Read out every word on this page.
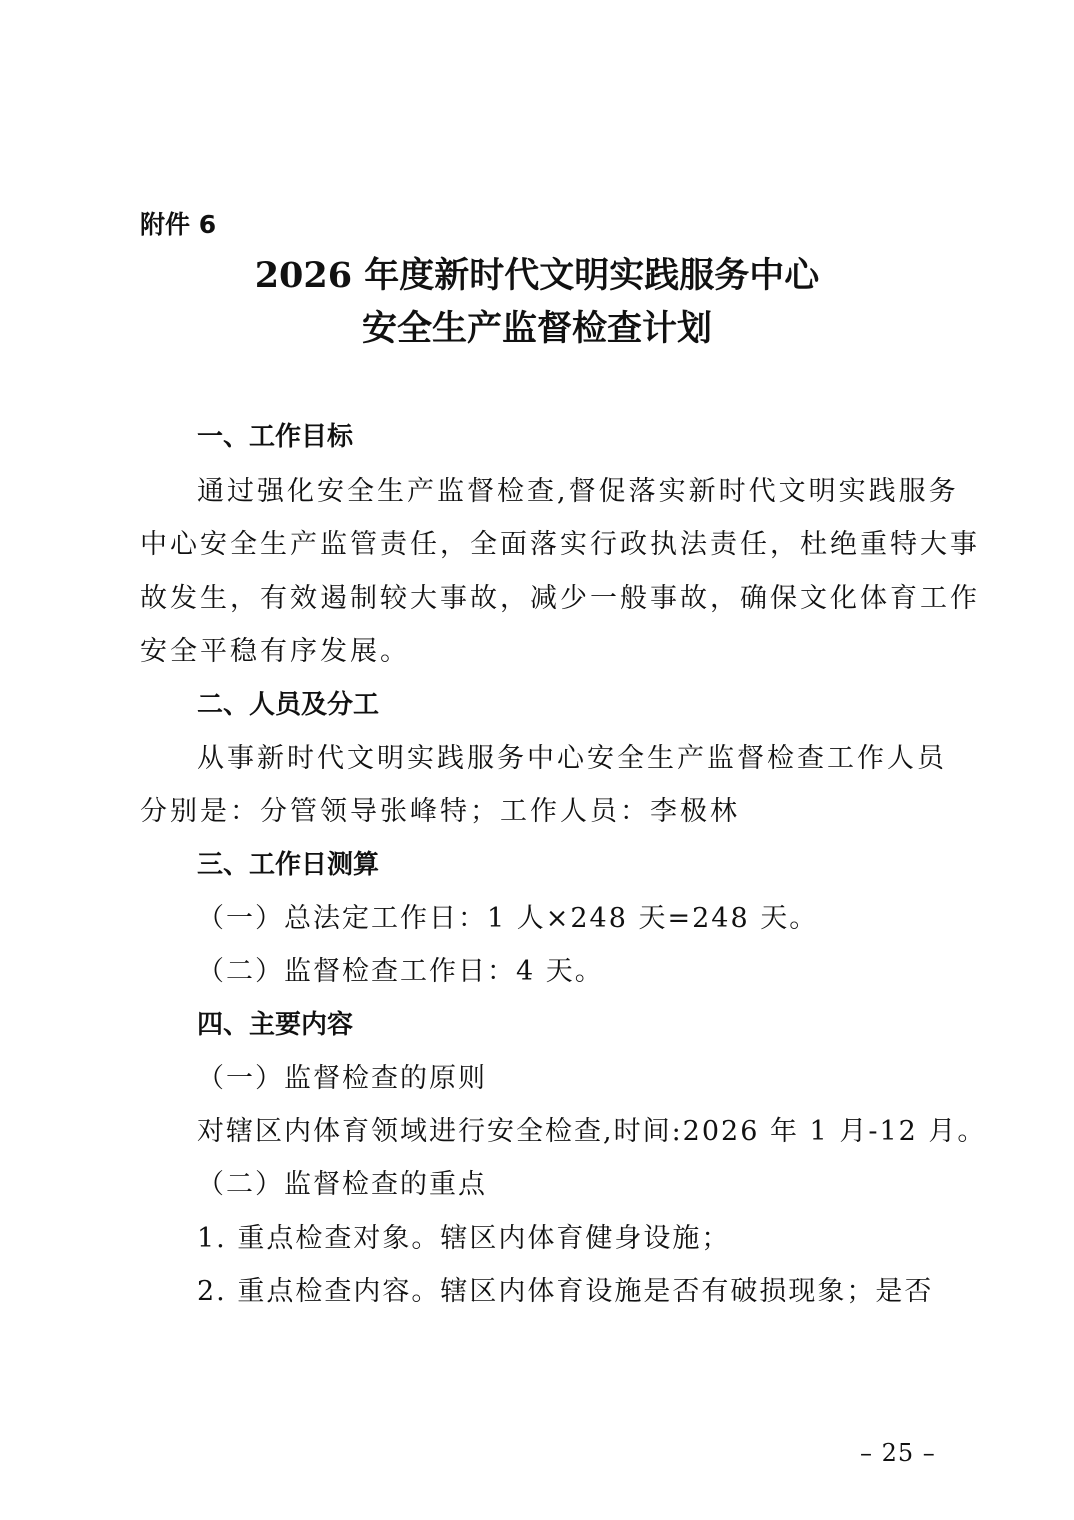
附件 6
2026 年度新时代文明实践服务中心
安全生产监督检查计划
一、工作目标
通过强化安全生产监督检查,督促落实新时代文明实践服务
中心安全生产监管责任，全面落实行政执法责任，杜绝重特大事
故发生，有效遏制较大事故，减少一般事故，确保文化体育工作
安全平稳有序发展。
二、人员及分工
从事新时代文明实践服务中心安全生产监督检查工作人员
分别是：分管领导张峰特；工作人员：李极林
三、工作日测算
（一）总法定工作日：1 人×248 天=248 天。
（二）监督检查工作日：4 天。
四、主要内容
（一）监督检查的原则
对辖区内体育领域进行安全检查,时间:2026 年 1 月-12 月。
（二）监督检查的重点
1. 重点检查对象。辖区内体育健身设施；
2. 重点检查内容。辖区内体育设施是否有破损现象；是否
– 25 –
